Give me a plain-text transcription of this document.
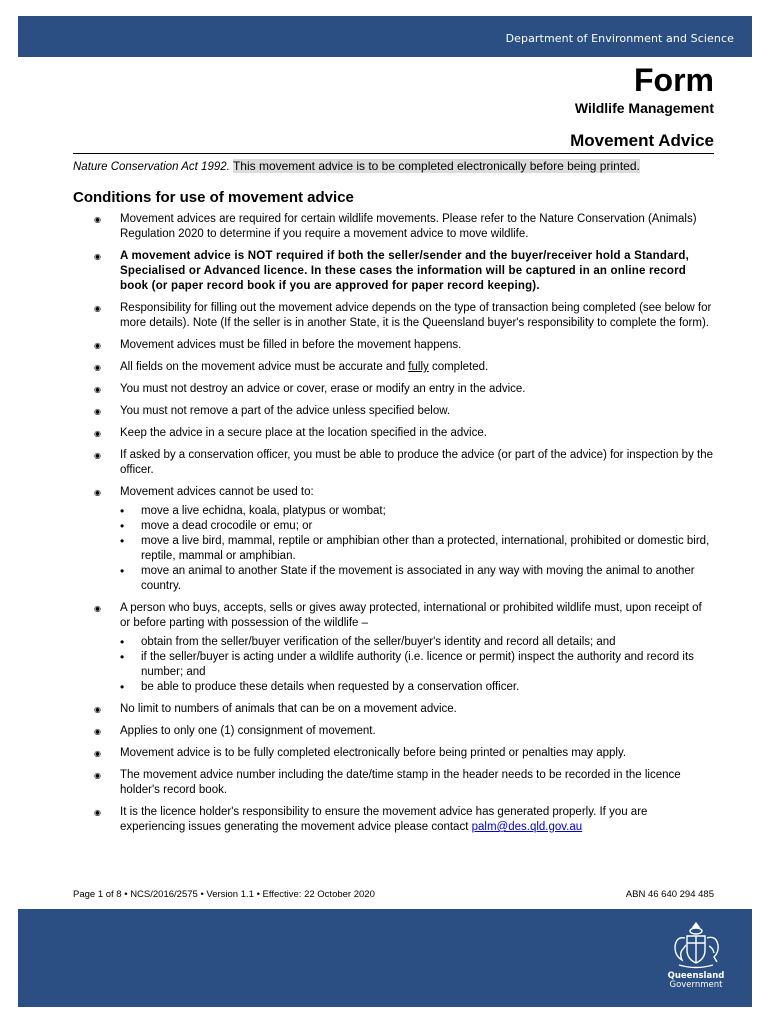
Department of Environment and Science
Form
Wildlife Management
Movement Advice
Nature Conservation Act 1992. This movement advice is to be completed electronically before being printed.
Conditions for use of movement advice
◉ Movement advices are required for certain wildlife movements. Please refer to the Nature Conservation (Animals) Regulation 2020 to determine if you require a movement advice to move wildlife.
◉ A movement advice is NOT required if both the seller/sender and the buyer/receiver hold a Standard, Specialised or Advanced licence. In these cases the information will be captured in an online record book (or paper record book if you are approved for paper record keeping).
◉ Responsibility for filling out the movement advice depends on the type of transaction being completed (see below for more details). Note (If the seller is in another State, it is the Queensland buyer's responsibility to complete the form).
◉ Movement advices must be filled in before the movement happens.
◉ All fields on the movement advice must be accurate and fully completed.
◉ You must not destroy an advice or cover, erase or modify an entry in the advice.
◉ You must not remove a part of the advice unless specified below.
◉ Keep the advice in a secure place at the location specified in the advice.
◉ If asked by a conservation officer, you must be able to produce the advice (or part of the advice) for inspection by the officer.
◉ Movement advices cannot be used to:
• move a live echidna, koala, platypus or wombat;
• move a dead crocodile or emu; or
• move a live bird, mammal, reptile or amphibian other than a protected, international, prohibited or domestic bird, reptile, mammal or amphibian.
• move an animal to another State if the movement is associated in any way with moving the animal to another country.
◉ A person who buys, accepts, sells or gives away protected, international or prohibited wildlife must, upon receipt of or before parting with possession of the wildlife –
• obtain from the seller/buyer verification of the seller/buyer's identity and record all details; and
• if the seller/buyer is acting under a wildlife authority (i.e. licence or permit) inspect the authority and record its number; and
• be able to produce these details when requested by a conservation officer.
◉ No limit to numbers of animals that can be on a movement advice.
◉ Applies to only one (1) consignment of movement.
◉ Movement advice is to be fully completed electronically before being printed or penalties may apply.
◉ The movement advice number including the date/time stamp in the header needs to be recorded in the licence holder's record book.
◉ It is the licence holder's responsibility to ensure the movement advice has generated properly. If you are experiencing issues generating the movement advice please contact palm@des.qld.gov.au
Page 1 of 8 • NCS/2016/2575 • Version 1.1 • Effective: 22 October 2020	ABN 46 640 294 485
Queensland
Government
